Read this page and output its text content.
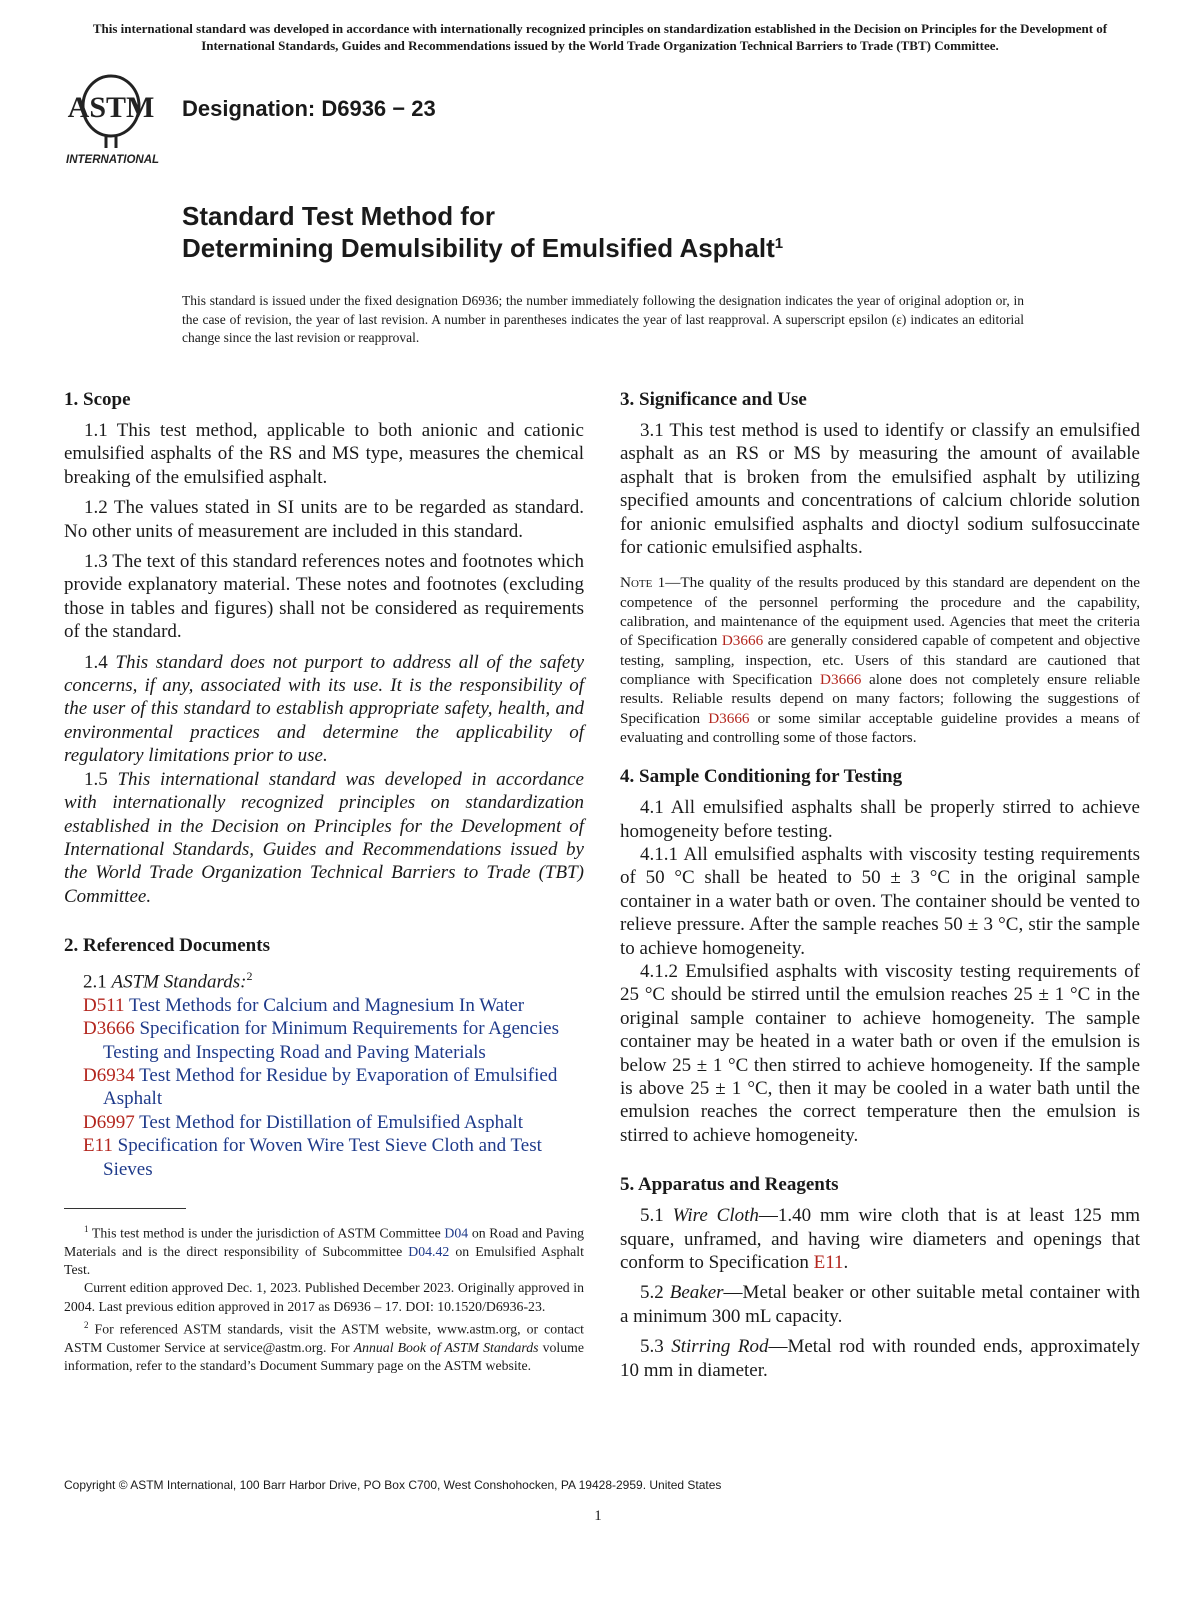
This international standard was developed in accordance with internationally recognized principles on standardization established in the Decision on Principles for the Development of International Standards, Guides and Recommendations issued by the World Trade Organization Technical Barriers to Trade (TBT) Committee.
ASTM
INTERNATIONAL
Designation: D6936 − 23
Standard Test Method for
Determining Demulsibility of Emulsified Asphalt$^1$
This standard is issued under the fixed designation D6936; the number immediately following the designation indicates the year of original adoption or, in the case of revision, the year of last revision. A number in parentheses indicates the year of last reapproval. A superscript epsilon (ε) indicates an editorial change since the last revision or reapproval.
1. Scope

1.1 This test method, applicable to both anionic and cationic emulsified asphalts of the RS and MS type, measures the chemical breaking of the emulsified asphalt.

1.2 The values stated in SI units are to be regarded as standard. No other units of measurement are included in this standard.

1.3 The text of this standard references notes and footnotes which provide explanatory material. These notes and footnotes (excluding those in tables and figures) shall not be considered as requirements of the standard.

1.4 This standard does not purport to address all of the safety concerns, if any, associated with its use. It is the responsibility of the user of this standard to establish appropriate safety, health, and environmental practices and determine the applicability of regulatory limitations prior to use.

1.5 This international standard was developed in accordance with internationally recognized principles on standardization established in the Decision on Principles for the Development of International Standards, Guides and Recommendations issued by the World Trade Organization Technical Barriers to Trade (TBT) Committee.

2. Referenced Documents
2.1 ASTM Standards:$^2$
D511 Test Methods for Calcium and Magnesium In Water
D3666 Specification for Minimum Requirements for Agencies Testing and Inspecting Road and Paving Materials
D6934 Test Method for Residue by Evaporation of Emulsified Asphalt
D6997 Test Method for Distillation of Emulsified Asphalt
E11 Specification for Woven Wire Test Sieve Cloth and Test Sieves

$^1$ This test method is under the jurisdiction of ASTM Committee D04 on Road and Paving Materials and is the direct responsibility of Subcommittee D04.42 on Emulsified Asphalt Test.

Current edition approved Dec. 1, 2023. Published December 2023. Originally approved in 2004. Last previous edition approved in 2017 as D6936 – 17. DOI: 10.1520/D6936-23.

$^2$ For referenced ASTM standards, visit the ASTM website, www.astm.org, or contact ASTM Customer Service at service@astm.org. For Annual Book of ASTM Standards volume information, refer to the standard’s Document Summary page on the ASTM website.

3. Significance and Use

3.1 This test method is used to identify or classify an emulsified asphalt as an RS or MS by measuring the amount of available asphalt that is broken from the emulsified asphalt by utilizing specified amounts and concentrations of calcium chloride solution for anionic emulsified asphalts and dioctyl sodium sulfosuccinate for cationic emulsified asphalts.

Note 1—The quality of the results produced by this standard are dependent on the competence of the personnel performing the procedure and the capability, calibration, and maintenance of the equipment used. Agencies that meet the criteria of Specification D3666 are generally considered capable of competent and objective testing, sampling, inspection, etc. Users of this standard are cautioned that compliance with Specification D3666 alone does not completely ensure reliable results. Reliable results depend on many factors; following the suggestions of Specification D3666 or some similar acceptable guideline provides a means of evaluating and controlling some of those factors.
4. Sample Conditioning for Testing

4.1 All emulsified asphalts shall be properly stirred to achieve homogeneity before testing.

4.1.1 All emulsified asphalts with viscosity testing requirements of 50 °C shall be heated to 50 ± 3 °C in the original sample container in a water bath or oven. The container should be vented to relieve pressure. After the sample reaches 50 ± 3 °C, stir the sample to achieve homogeneity.

4.1.2 Emulsified asphalts with viscosity testing requirements of 25 °C should be stirred until the emulsion reaches 25 ± 1 °C in the original sample container to achieve homogeneity. The sample container may be heated in a water bath or oven if the emulsion is below 25 ± 1 °C then stirred to achieve homogeneity. If the sample is above 25 ± 1 °C, then it may be cooled in a water bath until the emulsion reaches the correct temperature then the emulsion is stirred to achieve homogeneity.

5. Apparatus and Reagents

5.1 Wire Cloth—1.40 mm wire cloth that is at least 125 mm square, unframed, and having wire diameters and openings that conform to Specification E11.

5.2 Beaker—Metal beaker or other suitable metal container with a minimum 300 mL capacity.

5.3 Stirring Rod—Metal rod with rounded ends, approximately 10 mm in diameter.

Copyright © ASTM International, 100 Barr Harbor Drive, PO Box C700, West Conshohocken, PA 19428-2959. United States
1
